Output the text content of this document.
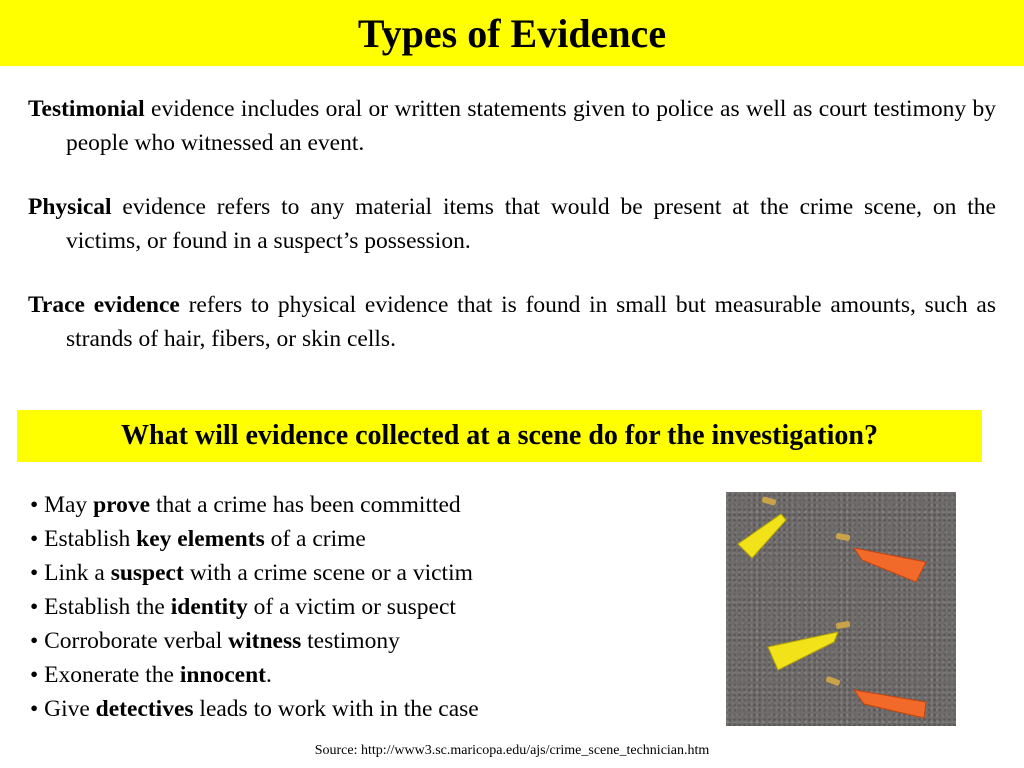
Types of Evidence

Testimonial evidence includes oral or written statements given to police as well as court testimony by people who witnessed an event.

Physical evidence refers to any material items that would be present at the crime scene, on the victims, or found in a suspect’s possession.

Trace evidence refers to physical evidence that is found in small but measurable amounts, such as strands of hair, fibers, or skin cells.

What will evidence collected at a scene do for the investigation?
• May prove that a crime has been committed
• Establish key elements of a crime
• Link a suspect with a crime scene or a victim
• Establish the identity of a victim or suspect
• Corroborate verbal witness testimony
• Exonerate the innocent.
• Give detectives leads to work with in the case
Source: http://www3.sc.maricopa.edu/ajs/crime_scene_technician.htm
